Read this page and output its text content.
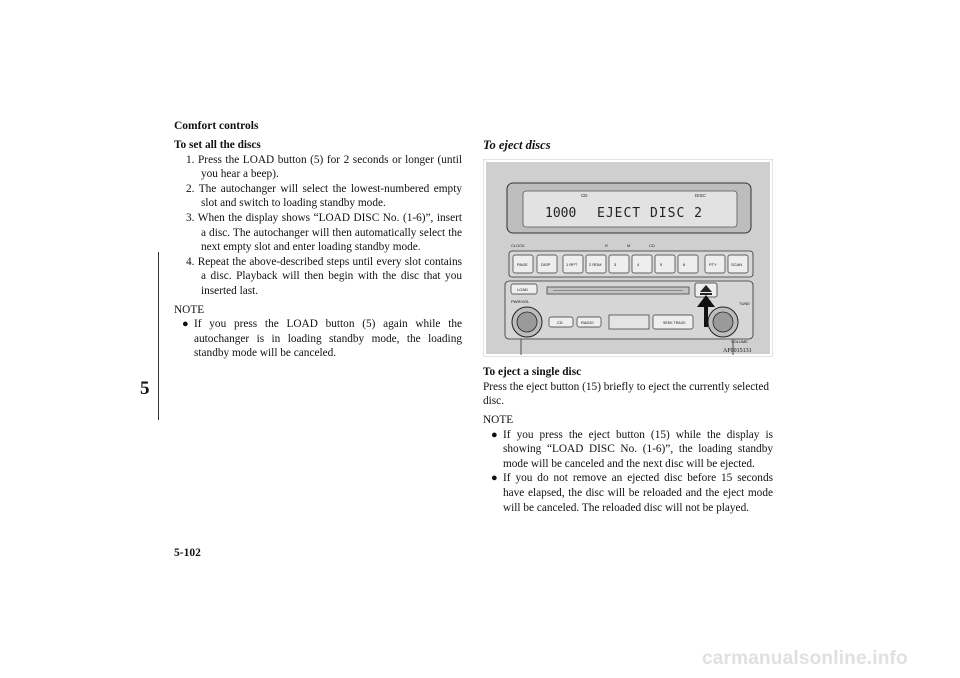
Comfort controls
5
To set all the discs

1. Press the LOAD button (5) for 2 seconds or longer (until you hear a beep).

2. The autochanger will select the lowest-numbered empty slot and switch to loading standby mode.

3. When the display shows “LOAD DISC No. (1-6)”, insert a disc. The autochanger will then automatically select the next empty slot and enter loading standby mode.

4. Repeat the above-described steps until every slot contains a disc. Playback will then begin with the disc that you inserted last.

NOTE

● If you press the LOAD button (5) again while the autochanger is in loading standby mode, the loading standby mode will be canceled.

To eject discs
CD	DISC
1000 EJECT DISC 2
CLOCK	R	M	CD
PAGE	DISP	1 RPT	2 RDM	3	4	5	6	PTY	SCAN
LOAD
PWR/VOL	TUNE
VOLUME
CD	RADIO	SEEK TRACK
AF0015131
To eject a single disc
Press the eject button (15) briefly to eject the currently selected disc.
NOTE

● If you press the eject button (15) while the display is showing “LOAD DISC No. (1-6)”, the loading standby mode will be canceled and the next disc will be ejected.

● If you do not remove an ejected disc before 15 seconds have elapsed, the disc will be reloaded and the eject mode will be canceled. The reloaded disc will not be played.

5-102
carmanualsonline.info
